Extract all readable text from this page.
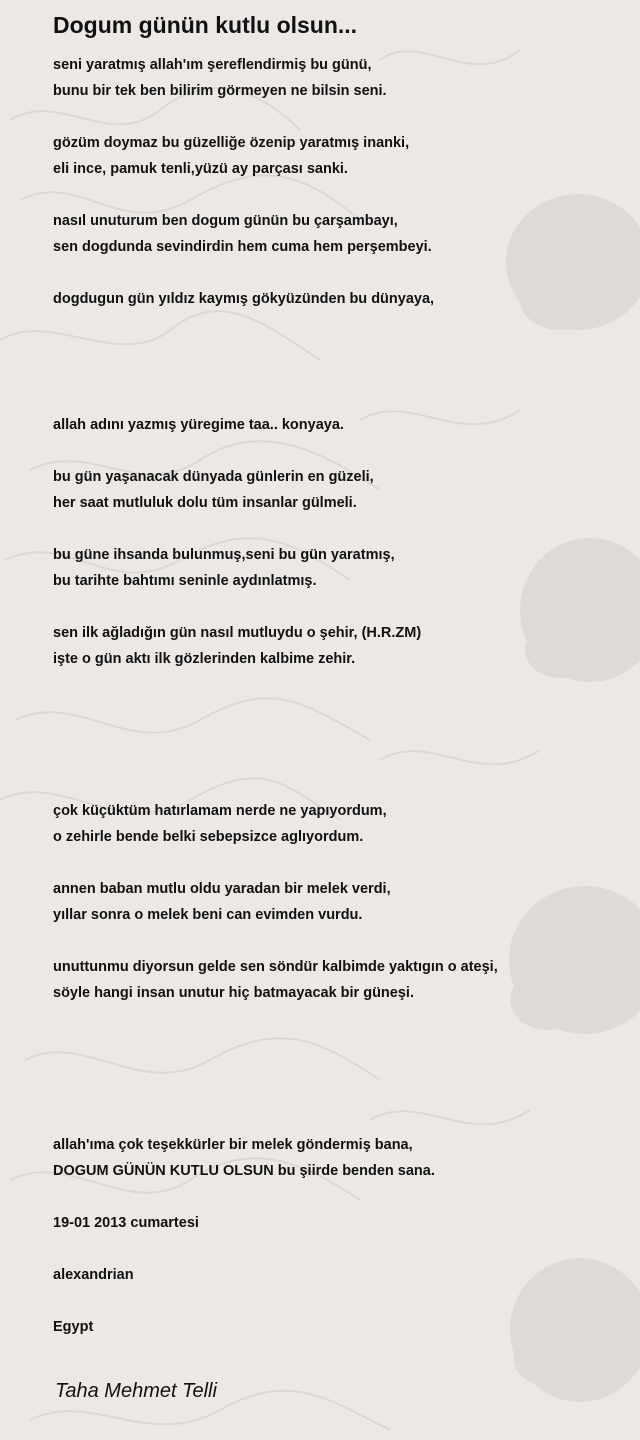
Dogum günün kutlu olsun...

seni yaratmış allah'ım şereflendirmiş bu günü,

bunu bir tek ben bilirim görmeyen ne bilsin seni.

gözüm doymaz bu güzelliğe özenip yaratmış inanki,

eli ince, pamuk tenli,yüzü ay parçası sanki.

nasıl unuturum ben dogum günün bu çarşambayı,

sen dogdunda sevindirdin hem cuma hem perşembeyi.

dogdugun gün yıldız kaymış gökyüzünden bu dünyaya,

allah adını yazmış yüregime taa.. konyaya.

bu gün yaşanacak dünyada günlerin en güzeli,

her saat mutluluk dolu tüm insanlar gülmeli.

bu güne ihsanda bulunmuş,seni bu gün yaratmış,

bu tarihte bahtımı seninle aydınlatmış.

sen ilk ağladığın gün nasıl mutluydu o şehir, (H.R.ZM)

işte o gün aktı ilk gözlerinden kalbime zehir.

çok küçüktüm hatırlamam nerde ne yapıyordum,

o zehirle bende belki sebepsizce aglıyordum.

annen baban mutlu oldu yaradan bir melek verdi,

yıllar sonra o melek beni can evimden vurdu.

unuttunmu diyorsun gelde sen söndür kalbimde yaktıgın o ateşi,

söyle hangi insan unutur hiç batmayacak bir güneşi.

allah'ıma çok teşekkürler bir melek göndermiş bana,

DOGUM GÜNÜN KUTLU OLSUN bu şiirde benden sana.

19-01 2013 cumartesi

alexandrian

Egypt

Taha Mehmet Telli
